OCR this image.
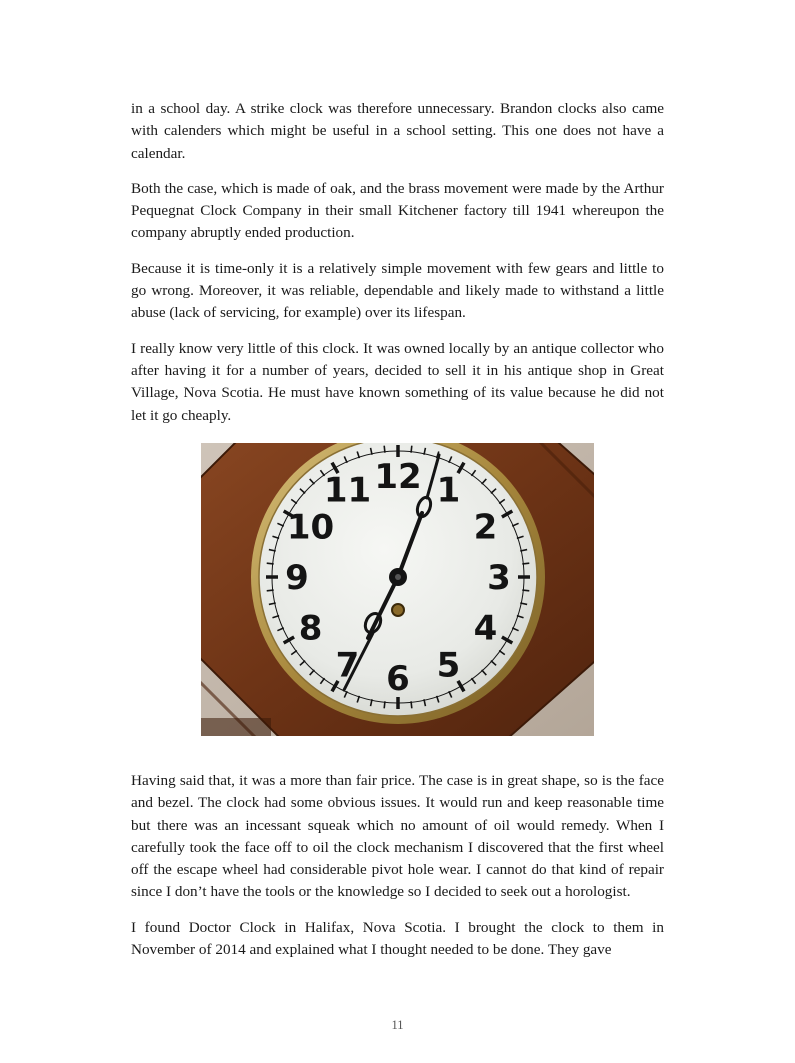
in a school day. A strike clock was therefore unnecessary. Brandon clocks also came with calenders which might be useful in a school setting. This one does not have a calendar.

Both the case, which is made of oak, and the brass movement were made by the Arthur Pequegnat Clock Company in their small Kitchener factory till 1941 whereupon the company abruptly ended production.

Because it is time-only it is a relatively simple movement with few gears and little to go wrong. Moreover, it was reliable, dependable and likely made to withstand a little abuse (lack of servicing, for example) over its lifespan.

I really know very little of this clock. It was owned locally by an antique collector who after having it for a number of years, decided to sell it in his antique shop in Great Village, Nova Scotia. He must have known something of its value because he did not let it go cheaply.

12 1
2
3
4
5
6
7
8
9
10
11

Having said that, it was a more than fair price. The case is in great shape, so is the face and bezel. The clock had some obvious issues. It would run and keep reasonable time but there was an incessant squeak which no amount of oil would remedy. When I carefully took the face off to oil the clock mechanism I discovered that the first wheel off the escape wheel had considerable pivot hole wear. I cannot do that kind of repair since I don’t have the tools or the knowledge so I decided to seek out a horologist.

I found Doctor Clock in Halifax, Nova Scotia. I brought the clock to them in November of 2014 and explained what I thought needed to be done. They gave

11
